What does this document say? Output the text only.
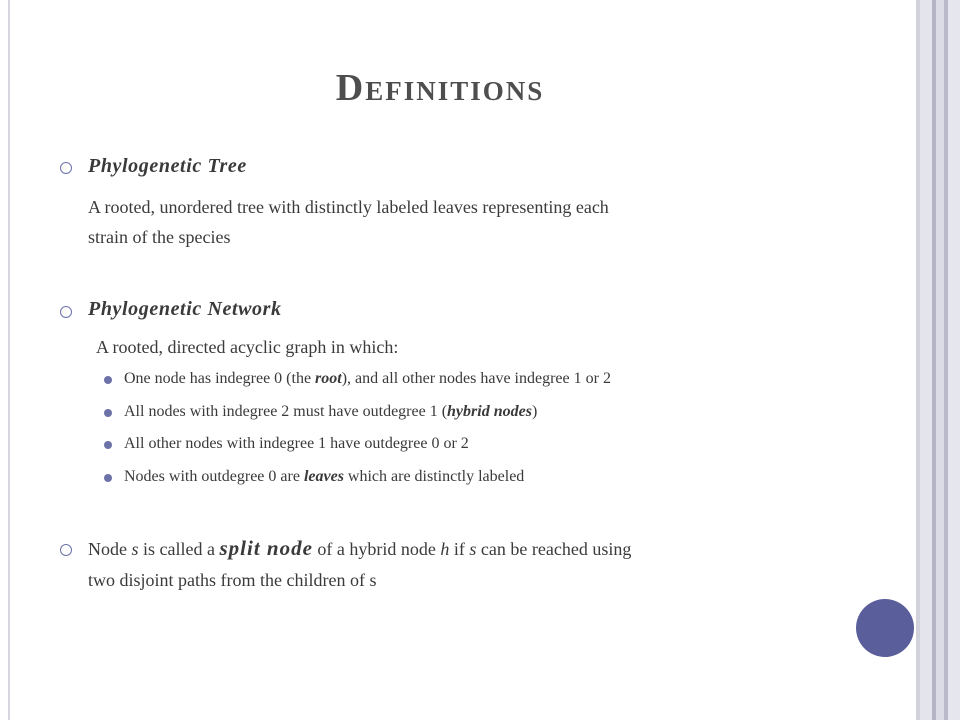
Definitions
Phylogenetic Tree
A rooted, unordered tree with distinctly labeled leaves representing each
strain of the species
Phylogenetic Network
A rooted, directed acyclic graph in which:
One node has indegree 0 (the root), and all other nodes have indegree 1 or 2
All nodes with indegree 2 must have outdegree 1 (hybrid nodes)
All other nodes with indegree 1 have outdegree 0 or 2
Nodes with outdegree 0 are leaves which are distinctly labeled
Node s is called a split node of a hybrid node h if s can be reached using
two disjoint paths from the children of s
